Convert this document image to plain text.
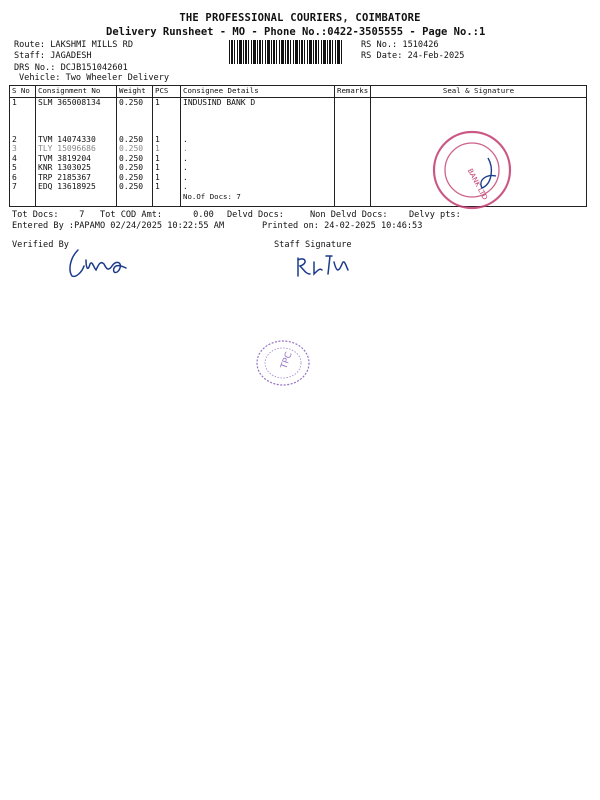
THE PROFESSIONAL COURIERS, COIMBATORE
Delivery Runsheet - MO - Phone No.:0422-3505555 - Page No.:1
Route: LAKSHMI MILLS RD
Staff: JAGADESH
DRS No.: DCJB151042601
Vehicle: Two Wheeler Delivery
RS No.: 1510426
RS Date: 24-Feb-2025
S No	Consignment No	Weight	PCS	Consignee Details	Remarks	Seal & Signature
1	SLM 365008134	0.250	1	INDUSIND BANK D		

2	TVM 14074330	0.250	1	.		
3	TLY 15096686	0.250	1	.		
4	TVM 3819204	0.250	1	.		
5	KNR 1303025	0.250	1	.		
6	TRP 2185367	0.250	1	.		
7	EDQ 13618925	0.250	1	.		
				No.Of Docs: 7			BANK LTD
Tot Docs:    7 Tot COD Amt:      0.00 Delvd Docs:	Non Delvd Docs: Delvy pts:
Entered By :PAPAMO 02/24/2025 10:22:55 AM	Printed on: 24-02-2025 10:46:53
Verified By	Staff Signature
TPC
